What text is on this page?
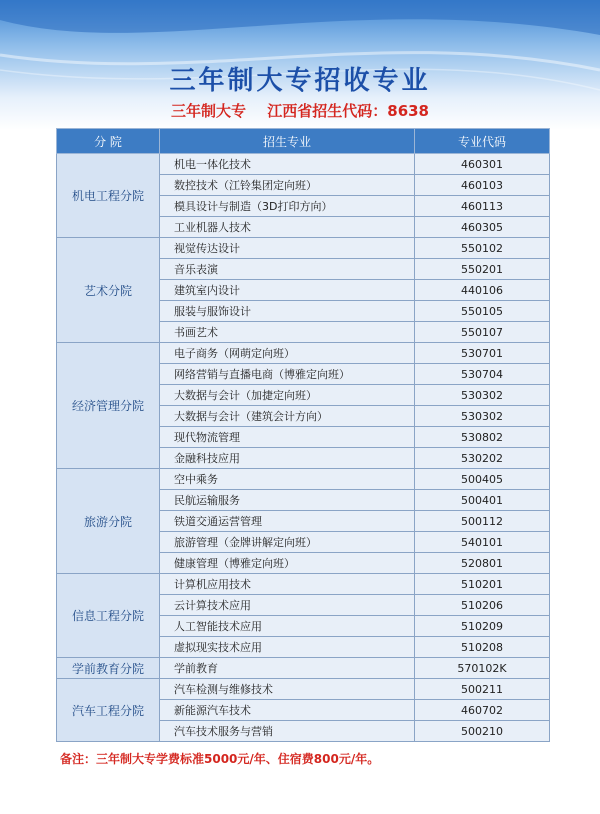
三年制大专招收专业
三年制大专 江西省招生代码：8638
分 院	招生专业	专业代码
机电工程分院	机电一体化技术	460301
	数控技术（江铃集团定向班）	460103
	模具设计与制造（3D打印方向）	460113
	工业机器人技术	460305
艺术分院	视觉传达设计	550102
	音乐表演	550201
	建筑室内设计	440106
	服装与服饰设计	550105
	书画艺术	550107
经济管理分院	电子商务（网萌定向班）	530701
	网络营销与直播电商（博雅定向班）	530704
	大数据与会计（加捷定向班）	530302
	大数据与会计（建筑会计方向）	530302
	现代物流管理	530802
	金融科技应用	530202
旅游分院	空中乘务	500405
	民航运输服务	500401
	铁道交通运营管理	500112
	旅游管理（金牌讲解定向班）	540101
	健康管理（博雅定向班）	520801
信息工程分院	计算机应用技术	510201
	云计算技术应用	510206
	人工智能技术应用	510209
	虚拟现实技术应用	510208
学前教育分院	学前教育	570102K
汽车工程分院	汽车检测与维修技术	500211
	新能源汽车技术	460702
	汽车技术服务与营销	500210
备注：三年制大专学费标准5000元/年、住宿费800元/年。
